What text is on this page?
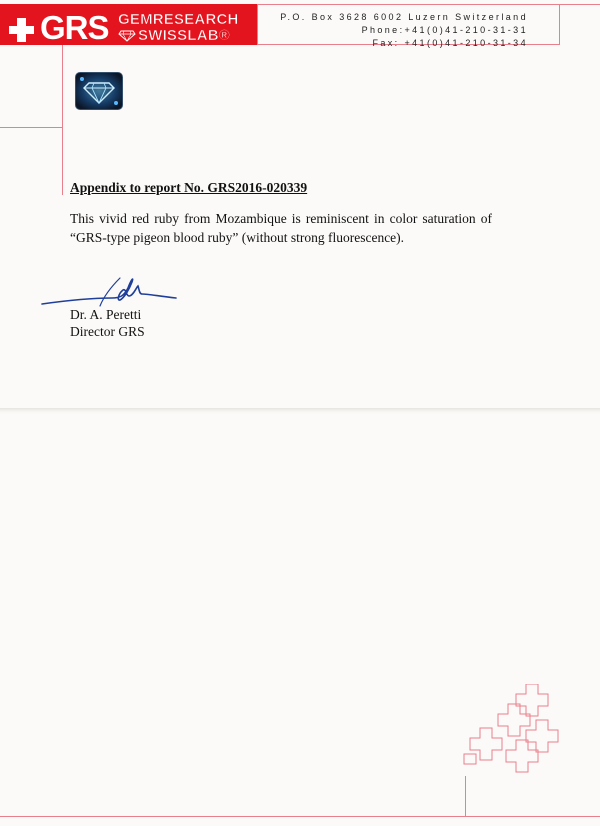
GRS GEMRESEARCH
SWISSLAB®
P.O. Box 3628 6002 Luzern Switzerland
Phone:+41(0)41-210-31-31
Fax: +41(0)41-210-31-34
Appendix to report No. GRS2016-020339
This vivid red ruby from Mozambique is reminiscent in color saturation of “GRS-type pigeon blood ruby” (without strong fluorescence).
Dr. A. Peretti
Director GRS
